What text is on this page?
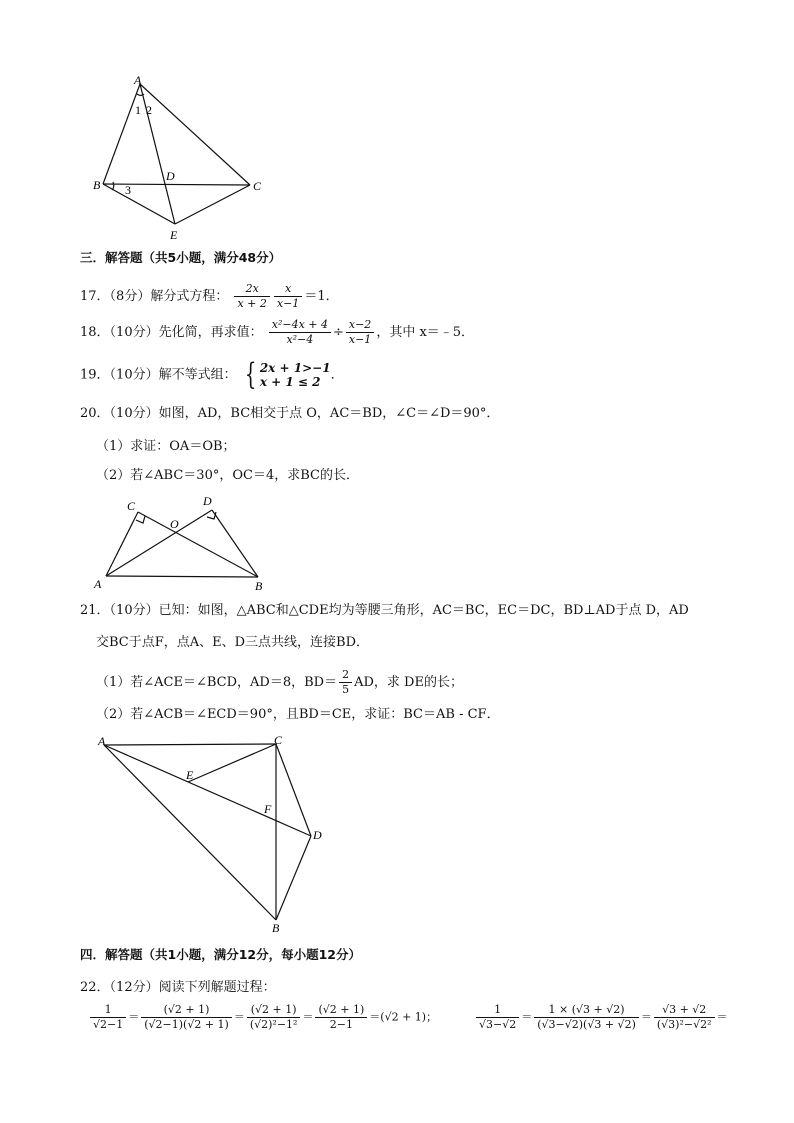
A
1 2
B 3
D
C
E
三．解答题（共5小题，满分48分）
17．（8分）解分式方程： $\frac{2x}{x + 2} \frac{x}{x-1} =1$．
18．（10分）先化简，再求值： $\frac{\text{x²−4x + 4}}{\text{x²−4}} \div \frac{x-2}{x-1}$ ，其中 x＝﹣5．
19．（10分）解不等式组： { 2x + 1>−1
x + 1 ≤ 2 ．
20．（10分）如图，AD，BC相交于点 O，AC＝BD，∠C＝∠D＝90°．
（1）求证：OA＝OB；
（2）若∠ABC＝30°，OC＝4，求BC的长．
C	D
O
A	B
21．（10分）已知：如图，△ABC和△CDE均为等腰三角形，AC＝BC，EC＝DC，BD⊥AD于点 D，AD
交BC于点F，点A、E、D三点共线，连接BD．
（1）若∠ACE＝∠BCD，AD＝8，$BD= \frac{2}{5}$ AD，求 DE的长；
（2）若∠ACB＝∠ECD＝90°，且BD＝CE，求证：BC＝AB - CF．
A	C
E
F
D
B
四．解答题（共1小题，满分12分，每小题12分）
22．（12分）阅读下列解题过程：
$\frac{1}{√2-1} = \frac{(√2 + 1)}{(√2-1)(√2 + 1)} = \frac{(√2 + 1)}{\text{(√2)²−1²}} = \frac{(√2 + 1)}{2-1} =(√2 + 1)$；	$\frac{1}{√3-√2} = \frac{1 \times (√3 + √2)}{(√3-√2)(√3 + √2)} = \frac{√3 + √2}{\text{(√3)²−√2²}}$ ＝
